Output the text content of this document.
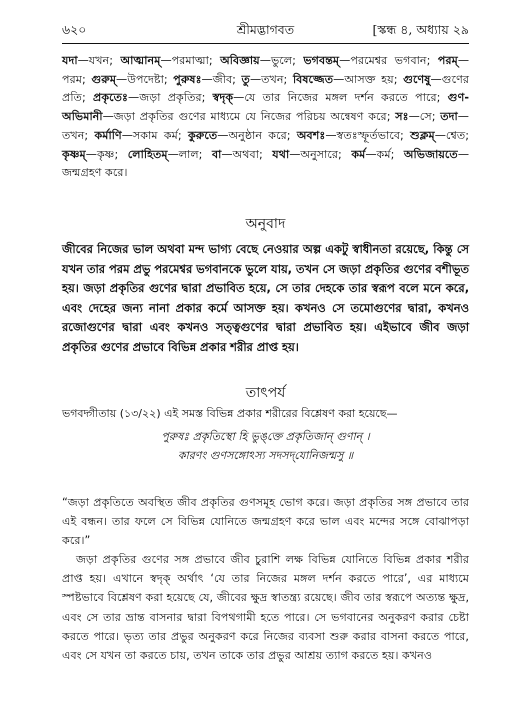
৬২০	শ্রীমদ্ভাগবত	[স্কন্ধ ৪, অধ্যায় ২৯
যদা—যখন; আত্মানম্—পরমাত্মা; অবিজ্ঞায়—ভুলে; ভগবন্তম্—পরমেশ্বর ভগবান; পরম্—পরম; গুরুম্—উপদেষ্টা; পুরুষঃ—জীব; তু—তখন; বিষজ্জেত—আসক্ত হয়; গুণেষু—গুণের প্রতি; প্রকৃতেঃ—জড়া প্রকৃতির; স্বদৃক্—যে তার নিজের মঙ্গল দর্শন করতে পারে; গুণ-অভিমানী—জড়া প্রকৃতির গুণের মাধ্যমে যে নিজের পরিচয় অন্বেষণ করে; সঃ—সে; তদা—তখন; কর্মাণি—সকাম কর্ম; কুরুতে—অনুষ্ঠান করে; অবশঃ—স্বতঃস্ফূর্তভাবে; শুক্লম্—শ্বেত; কৃষ্ণম্—কৃষ্ণ; লোহিতম্—লাল; বা—অথবা; যথা—অনুসারে; কর্ম—কর্ম; অভিজায়তে—জন্মগ্রহণ করে।
অনুবাদ
জীবের নিজের ভাল অথবা মন্দ ভাগ্য বেছে নেওয়ার অল্প একটু স্বাধীনতা রয়েছে, কিন্তু সে যখন তার পরম প্রভু পরমেশ্বর ভগবানকে ভুলে যায়, তখন সে জড়া প্রকৃতির গুণের বশীভূত হয়। জড়া প্রকৃতির গুণের দ্বারা প্রভাবিত হয়ে, সে তার দেহকে তার স্বরূপ বলে মনে করে, এবং দেহের জন্য নানা প্রকার কর্মে আসক্ত হয়। কখনও সে তমোগুণের দ্বারা, কখনও রজোগুণের দ্বারা এবং কখনও সত্ত্বগুণের দ্বারা প্রভাবিত হয়। এইভাবে জীব জড়া প্রকৃতির গুণের প্রভাবে বিভিন্ন প্রকার শরীর প্রাপ্ত হয়।
তাৎপর্য
ভগবদ্গীতায় (১৩/২২) এই সমস্ত বিভিন্ন প্রকার শরীরের বিশ্লেষণ করা হয়েছে—
পুরুষঃ প্রকৃতিস্থো হি ভুঙ্‌ক্তে প্রকৃতিজান্ গুণান্ ।
কারণং গুণসঙ্গোঽস্য সদসদ্‌যোনিজন্মসু ॥

“জড়া প্রকৃতিতে অবস্থিত জীব প্রকৃতির গুণসমূহ ভোগ করে। জড়া প্রকৃতির সঙ্গ প্রভাবে তার এই বন্ধন। তার ফলে সে বিভিন্ন যোনিতে জন্মগ্রহণ করে ভাল এবং মন্দের সঙ্গে বোঝাপড়া করে।”

জড়া প্রকৃতির গুণের সঙ্গ প্রভাবে জীব চুরাশি লক্ষ বিভিন্ন যোনিতে বিভিন্ন প্রকার শরীর প্রাপ্ত হয়। এখানে স্বদৃক্ অর্থাৎ ‘যে তার নিজের মঙ্গল দর্শন করতে পারে’, এর মাধ্যমে স্পষ্টভাবে বিশ্লেষণ করা হয়েছে যে, জীবের ক্ষুদ্র স্বাতন্ত্র্য রয়েছে। জীব তার স্বরূপে অত্যন্ত ক্ষুদ্র, এবং সে তার ভ্রান্ত বাসনার দ্বারা বিপথগামী হতে পারে। সে ভগবানের অনুকরণ করার চেষ্টা করতে পারে। ভৃত্য তার প্রভুর অনুকরণ করে নিজের ব্যবসা শুরু করার বাসনা করতে পারে, এবং সে যখন তা করতে চায়, তখন তাকে তার প্রভুর আশ্রয় ত্যাগ করতে হয়। কখনও
